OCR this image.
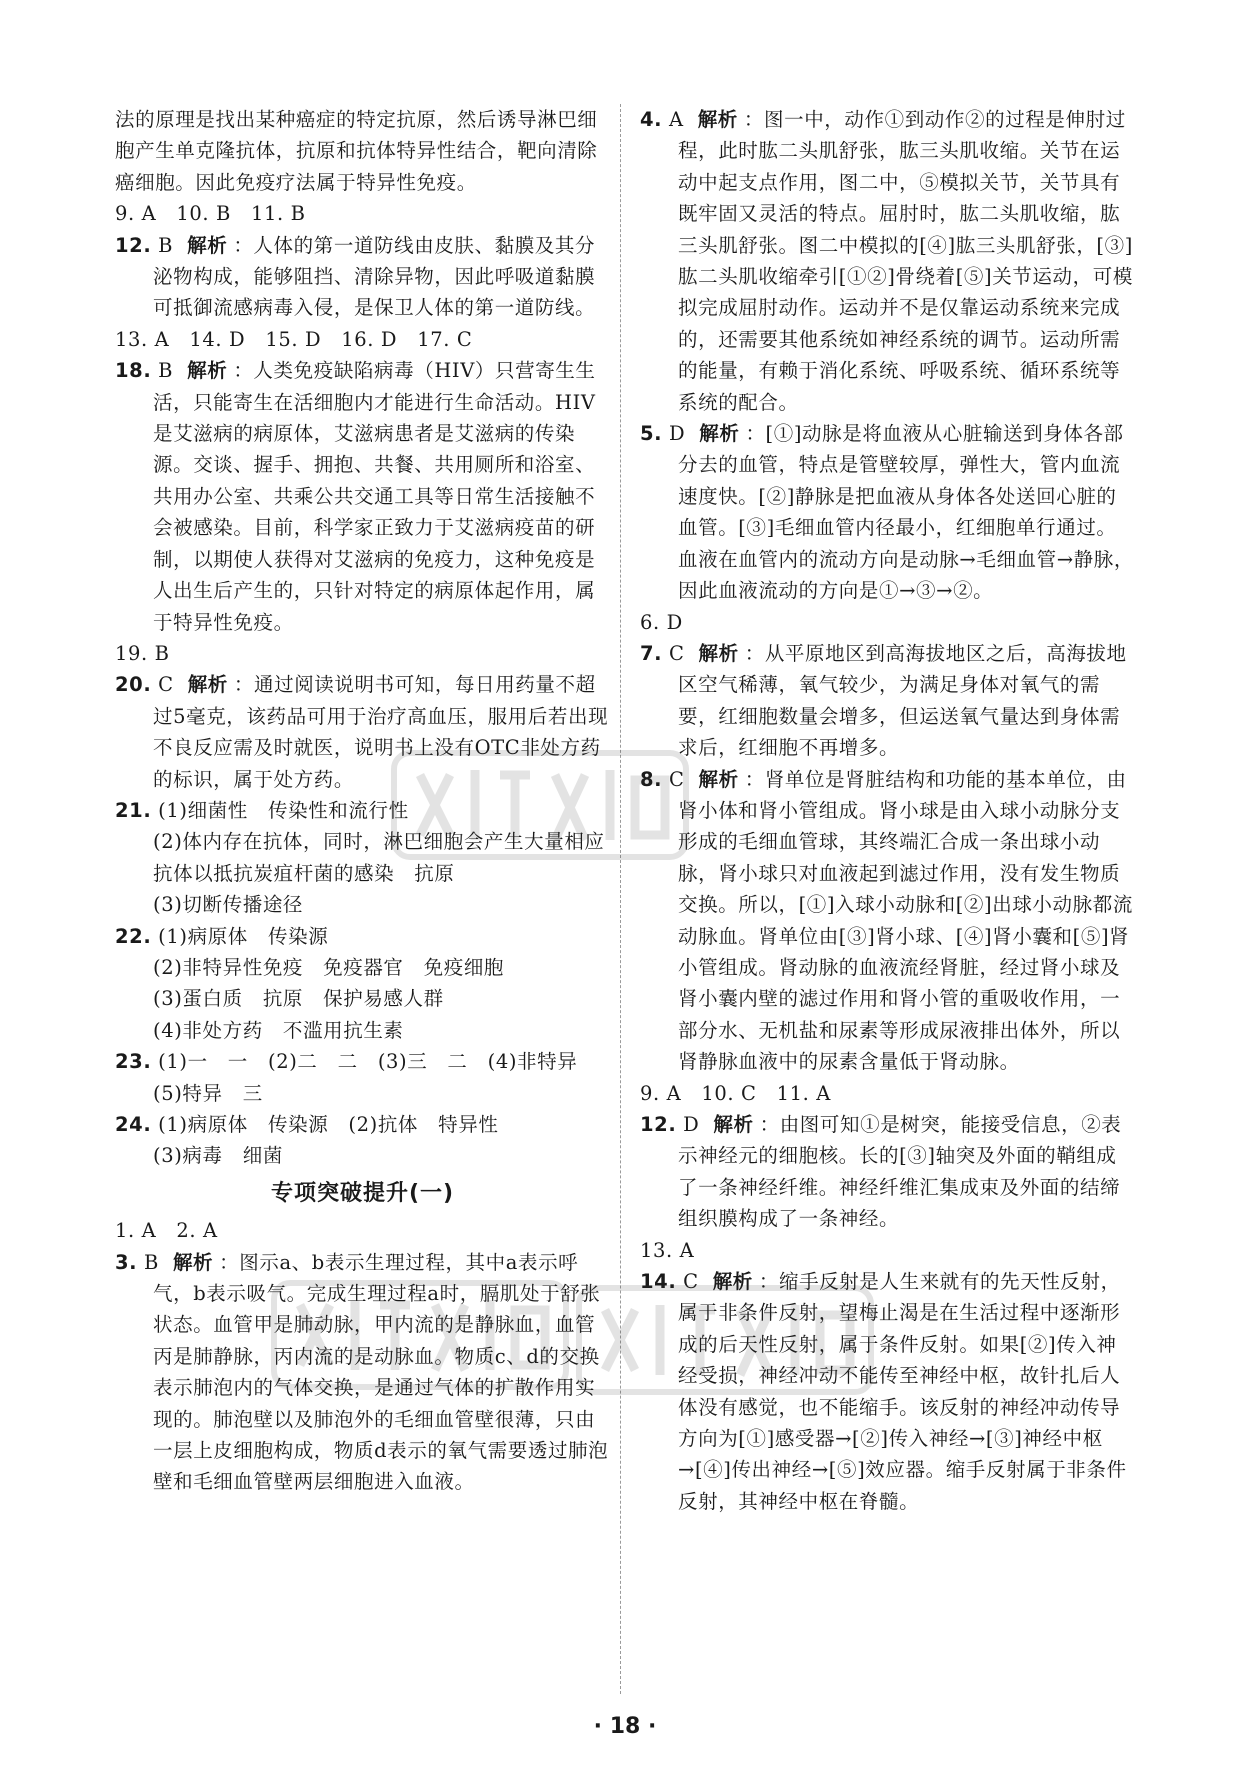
法的原理是找出某种癌症的特定抗原，然后诱导淋巴细胞产生单克隆抗体，抗原和抗体特异性结合，靶向清除癌细胞。因此免疫疗法属于特异性免疫。

9. A　10. B　11. B

12. B 解析 ：人体的第一道防线由皮肤、黏膜及其分泌物构成，能够阻挡、清除异物，因此呼吸道黏膜可抵御流感病毒入侵，是保卫人体的第一道防线。

13. A　14. D　15. D　16. D　17. C

18. B 解析 ：人类免疫缺陷病毒（HIV）只营寄生生活，只能寄生在活细胞内才能进行生命活动。HIV是艾滋病的病原体，艾滋病患者是艾滋病的传染源。交谈、握手、拥抱、共餐、共用厕所和浴室、共用办公室、共乘公共交通工具等日常生活接触不会被感染。目前，科学家正致力于艾滋病疫苗的研制，以期使人获得对艾滋病的免疫力，这种免疫是人出生后产生的，只针对特定的病原体起作用，属于特异性免疫。

19. B

20. C 解析 ：通过阅读说明书可知，每日用药量不超过5毫克，该药品可用于治疗高血压，服用后若出现不良反应需及时就医，说明书上没有OTC非处方药的标识，属于处方药。

21. (1)细菌性　传染性和流行性

(2)体内存在抗体，同时，淋巴细胞会产生大量相应抗体以抵抗炭疽杆菌的感染　抗原

(3)切断传播途径

22. (1)病原体　传染源

(2)非特异性免疫　免疫器官　免疫细胞

(3)蛋白质　抗原　保护易感人群

(4)非处方药　不滥用抗生素

23. (1)一　一　(2)二　二　(3)三　二　(4)非特异　(5)特异　三

24. (1)病原体　传染源　(2)抗体　特异性

(3)病毒　细菌

专项突破提升(一)

1. A　2. A

3. B 解析 ：图示a、b表示生理过程，其中a表示呼气，b表示吸气。完成生理过程a时，膈肌处于舒张状态。血管甲是肺动脉，甲内流的是静脉血，血管丙是肺静脉，丙内流的是动脉血。物质c、d的交换表示肺泡内的气体交换，是通过气体的扩散作用实现的。肺泡壁以及肺泡外的毛细血管壁很薄，只由一层上皮细胞构成，物质d表示的氧气需要透过肺泡壁和毛细血管壁两层细胞进入血液。

4. A 解析 ：图一中，动作①到动作②的过程是伸肘过程，此时肱二头肌舒张，肱三头肌收缩。关节在运动中起支点作用，图二中，⑤模拟关节，关节具有既牢固又灵活的特点。屈肘时，肱二头肌收缩，肱三头肌舒张。图二中模拟的[④]肱三头肌舒张，[③]肱二头肌收缩牵引[①②]骨绕着[⑤]关节运动，可模拟完成屈肘动作。运动并不是仅靠运动系统来完成的，还需要其他系统如神经系统的调节。运动所需的能量，有赖于消化系统、呼吸系统、循环系统等系统的配合。

5. D 解析 ：[①]动脉是将血液从心脏输送到身体各部分去的血管，特点是管壁较厚，弹性大，管内血流速度快。[②]静脉是把血液从身体各处送回心脏的血管。[③]毛细血管内径最小，红细胞单行通过。血液在血管内的流动方向是动脉→毛细血管→静脉，因此血液流动的方向是①→③→②。

6. D

7. C 解析 ：从平原地区到高海拔地区之后，高海拔地区空气稀薄，氧气较少，为满足身体对氧气的需要，红细胞数量会增多，但运送氧气量达到身体需求后，红细胞不再增多。

8. C 解析 ：肾单位是肾脏结构和功能的基本单位，由肾小体和肾小管组成。肾小球是由入球小动脉分支形成的毛细血管球，其终端汇合成一条出球小动脉，肾小球只对血液起到滤过作用，没有发生物质交换。所以，[①]入球小动脉和[②]出球小动脉都流动脉血。肾单位由[③]肾小球、[④]肾小囊和[⑤]肾小管组成。肾动脉的血液流经肾脏，经过肾小球及肾小囊内壁的滤过作用和肾小管的重吸收作用，一部分水、无机盐和尿素等形成尿液排出体外，所以肾静脉血液中的尿素含量低于肾动脉。

9. A　10. C　11. A

12. D 解析 ：由图可知①是树突，能接受信息，②表示神经元的细胞核。长的[③]轴突及外面的鞘组成了一条神经纤维。神经纤维汇集成束及外面的结缔组织膜构成了一条神经。

13. A

14. C 解析 ：缩手反射是人生来就有的先天性反射，属于非条件反射，望梅止渴是在生活过程中逐渐形成的后天性反射，属于条件反射。如果[②]传入神经受损，神经冲动不能传至神经中枢，故针扎后人体没有感觉，也不能缩手。该反射的神经冲动传导方向为[①]感受器→[②]传入神经→[③]神经中枢→[④]传出神经→[⑤]效应器。缩手反射属于非条件反射，其神经中枢在脊髓。

· 18 ·
